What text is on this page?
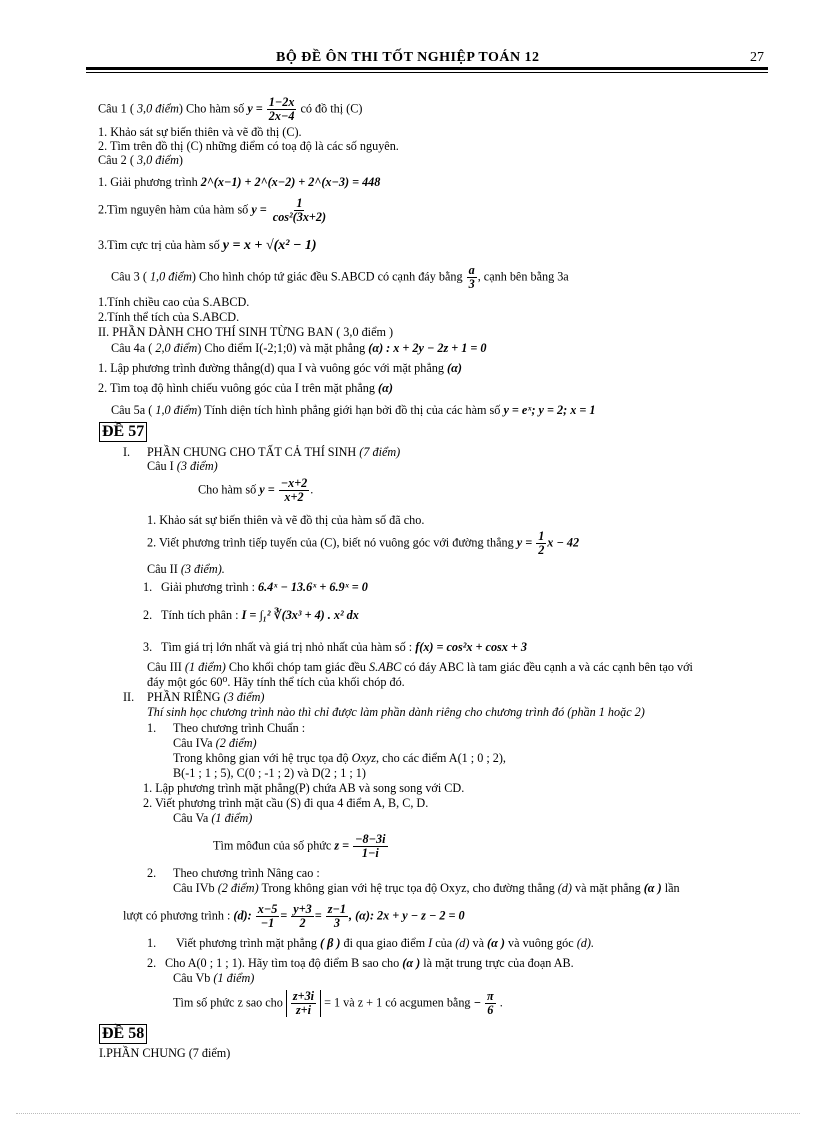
BỘ ĐỀ ÔN THI TỐT NGHIỆP TOÁN 12	27
Câu 1 ( 3,0 điểm) Cho hàm số $y = \frac{1-2x}{2x-4}$ có đồ thị (C)
1. Khảo sát sự biến thiên và vẽ đồ thị (C).
2. Tìm trên đồ thị (C) những điểm có toạ độ là các số nguyên.
Câu 2 ( 3,0 điểm)
1. Giải phương trình 2^(x−1) + 2^(x−2) + 2^(x−3) = 448
2.Tìm nguyên hàm của hàm số $y = \frac{1}{\text{cos²(3x+2)}}$
3.Tìm cực trị của hàm số y = x + √(x² − 1)
Câu 3 ( 1,0 điểm) Cho hình chóp tứ giác đều S.ABCD có cạnh đáy bằng $\frac{a}{3}$ , cạnh bên bằng 3a
1.Tính chiều cao của S.ABCD.
2.Tính thể tích của S.ABCD.
II. PHẦN DÀNH CHO THÍ SINH TỪNG BAN ( 3,0 điểm )
Câu 4a ( 2,0 điểm) Cho điểm I(-2;1;0) và mặt phẳng (α) : x + 2y − 2z + 1 = 0
1. Lập phương trình đường thẳng(d) qua I và vuông góc với mặt phẳng (α)
2. Tìm toạ độ hình chiếu vuông góc của I trên mặt phẳng (α)
Câu 5a ( 1,0 điểm) Tính diện tích hình phẳng giới hạn bởi đồ thị của các hàm số y = eˣ; y = 2; x = 1
ĐỀ 57
I. PHẦN CHUNG CHO TẤT CẢ THÍ SINH (7 điểm)
Câu I (3 điểm)
Cho hàm số $y = \frac{-x+2}{x+2}$ .
1. Khảo sát sự biến thiên và vẽ đồ thị của hàm số đã cho.
2. Viết phương trình tiếp tuyến của (C), biết nó vuông góc với đường thẳng $y = \frac{1}{2}$ x − 42
Câu II (3 điểm).
1. Giải phương trình : 6.4ˣ − 13.6ˣ + 6.9ˣ = 0
2. Tính tích phân : I = ∫₁² ∛(3x³ + 4) . x² dx
3. Tìm giá trị lớn nhất và giá trị nhỏ nhất của hàm số : f(x) = cos²x + cosx + 3
Câu III (1 điểm) Cho khối chóp tam giác đều S.ABC có đáy ABC là tam giác đều cạnh a và các cạnh bên tạo với
đáy một góc 60⁰. Hãy tính thể tích của khối chóp đó.
II. PHẦN RIÊNG (3 điểm)
Thí sinh học chương trình nào thì chỉ được làm phần dành riêng cho chương trình đó (phần 1 hoặc 2)
1. Theo chương trình Chuẩn :
Câu IVa (2 điểm)
Trong không gian với hệ trục tọa độ Oxyz, cho các điểm A(1 ; 0 ; 2),
B(-1 ; 1 ; 5), C(0 ; -1 ; 2) và D(2 ; 1 ; 1)
1. Lập phương trình mặt phẳng(P) chứa AB và song song với CD.
2. Viết phương trình mặt cầu (S) đi qua 4 điểm A, B, C, D.
Câu Va (1 điểm)
Tìm môđun của số phức $z = \frac{-8-3i}{1-i}$
2. Theo chương trình Nâng cao :
Câu IVb (2 điểm) Trong không gian với hệ trục tọa độ Oxyz, cho đường thẳng (d) và mặt phẳng (α ) lần
lượt có phương trình : (d): $\frac{x-5}{-1} = \frac{y+3}{2} = \frac{z-1}{3}$ , (α): 2x + y − z − 2 = 0
1. Viết phương trình mặt phẳng ( β ) đi qua giao điểm I của (d) và (α ) và vuông góc (d).
2. Cho A(0 ; 1 ; 1). Hãy tìm toạ độ điểm B sao cho (α ) là mặt trung trực của đoạn AB.
Câu Vb (1 điểm)
Tìm số phức z sao cho $\frac{z+3i}{z+i} = 1$ và z + 1 có acgumen bằng − $\frac{\pi}{6}$ .
ĐỀ 58
I.PHẦN CHUNG (7 điểm)
